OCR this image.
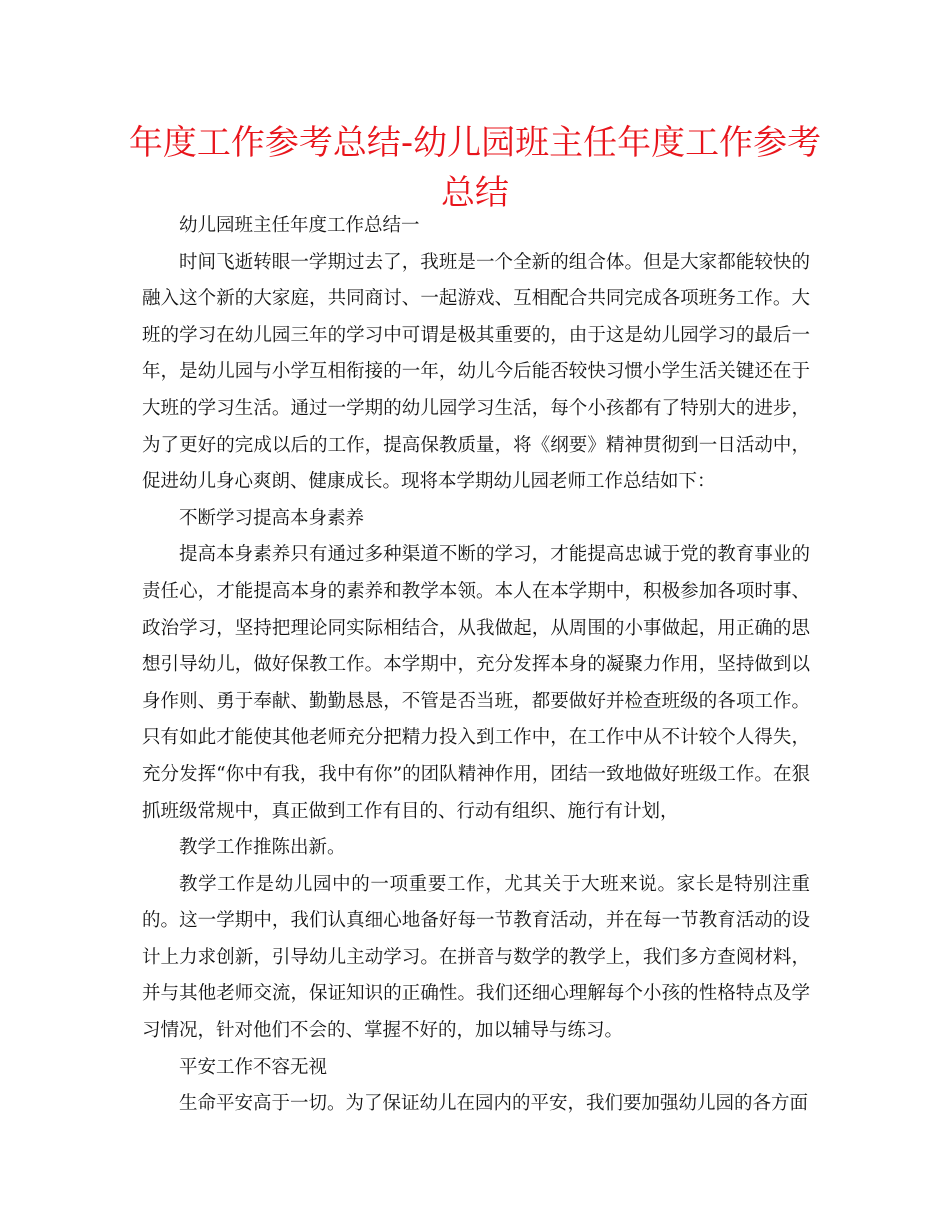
年度工作参考总结-幼儿园班主任年度工作参考总结

幼儿园班主任年度工作总结一

时间飞逝转眼一学期过去了，我班是一个全新的组合体。但是大家都能较快的融入这个新的大家庭，共同商讨、一起游戏、互相配合共同完成各项班务工作。大班的学习在幼儿园三年的学习中可谓是极其重要的，由于这是幼儿园学习的最后一年，是幼儿园与小学互相衔接的一年，幼儿今后能否较快习惯小学生活关键还在于大班的学习生活。通过一学期的幼儿园学习生活，每个小孩都有了特别大的进步，为了更好的完成以后的工作，提高保教质量，将《纲要》精神贯彻到一日活动中，促进幼儿身心爽朗、健康成长。现将本学期幼儿园老师工作总结如下：

不断学习提高本身素养

提高本身素养只有通过多种渠道不断的学习，才能提高忠诚于党的教育事业的责任心，才能提高本身的素养和教学本领。本人在本学期中，积极参加各项时事、政治学习，坚持把理论同实际相结合，从我做起，从周围的小事做起，用正确的思想引导幼儿，做好保教工作。本学期中，充分发挥本身的凝聚力作用，坚持做到以身作则、勇于奉献、勤勤恳恳，不管是否当班，都要做好并检查班级的各项工作。只有如此才能使其他老师充分把精力投入到工作中，在工作中从不计较个人得失，充分发挥“你中有我，我中有你”的团队精神作用，团结一致地做好班级工作。在狠抓班级常规中，真正做到工作有目的、行动有组织、施行有计划，

教学工作推陈出新。

教学工作是幼儿园中的一项重要工作，尤其关于大班来说。家长是特别注重的。这一学期中，我们认真细心地备好每一节教育活动，并在每一节教育活动的设计上力求创新，引导幼儿主动学习。在拼音与数学的教学上，我们多方查阅材料，并与其他老师交流，保证知识的正确性。我们还细心理解每个小孩的性格特点及学习情况，针对他们不会的、掌握不好的，加以辅导与练习。

平安工作不容无视

生命平安高于一切。为了保证幼儿在园内的平安，我们要加强幼儿园的各方面
